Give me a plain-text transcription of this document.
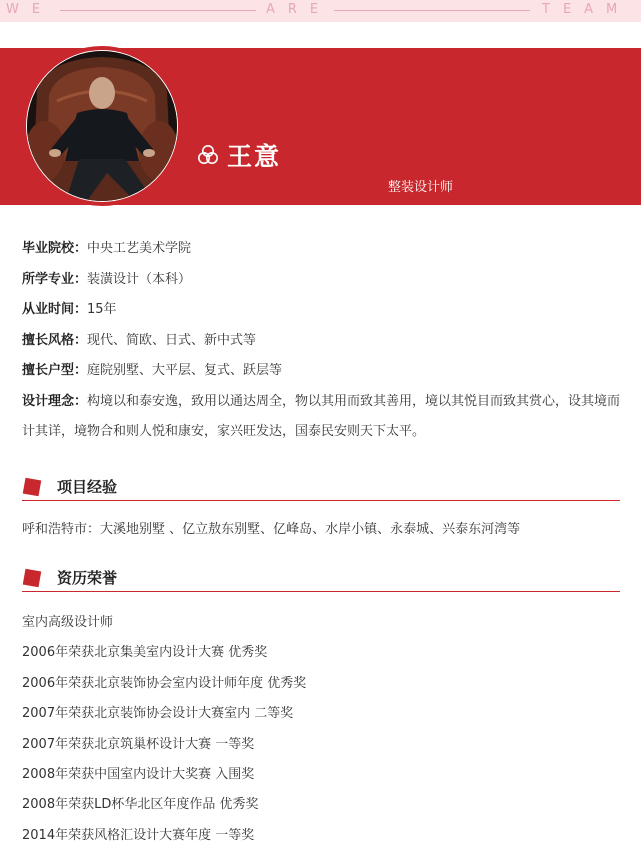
WE	ARE	TEAM
王意
整装设计师
毕业院校：中央工艺美术学院
所学专业：装潢设计（本科）
从业时间：15年
擅长风格：现代、简欧、日式、新中式等
擅长户型：庭院别墅、大平层、复式、跃层等
设计理念：构境以和泰安逸，致用以通达周全，物以其用而致其善用，境以其悦目而致其赏心，设其境而计其详，境物合和则人悦和康安，家兴旺发达，国泰民安则天下太平。
项目经验
呼和浩特市：大溪地别墅 、亿立敖东别墅、亿峰岛、水岸小镇、永泰城、兴泰东河湾等
资历荣誉
室内高级设计师
2006年荣获北京集美室内设计大赛 优秀奖
2006年荣获北京装饰协会室内设计师年度 优秀奖
2007年荣获北京装饰协会设计大赛室内 二等奖
2007年荣获北京筑巢杯设计大赛 一等奖
2008年荣获中国室内设计大奖赛 入围奖
2008年荣获LD杯华北区年度作品 优秀奖
2014年荣获风格汇设计大赛年度 一等奖
